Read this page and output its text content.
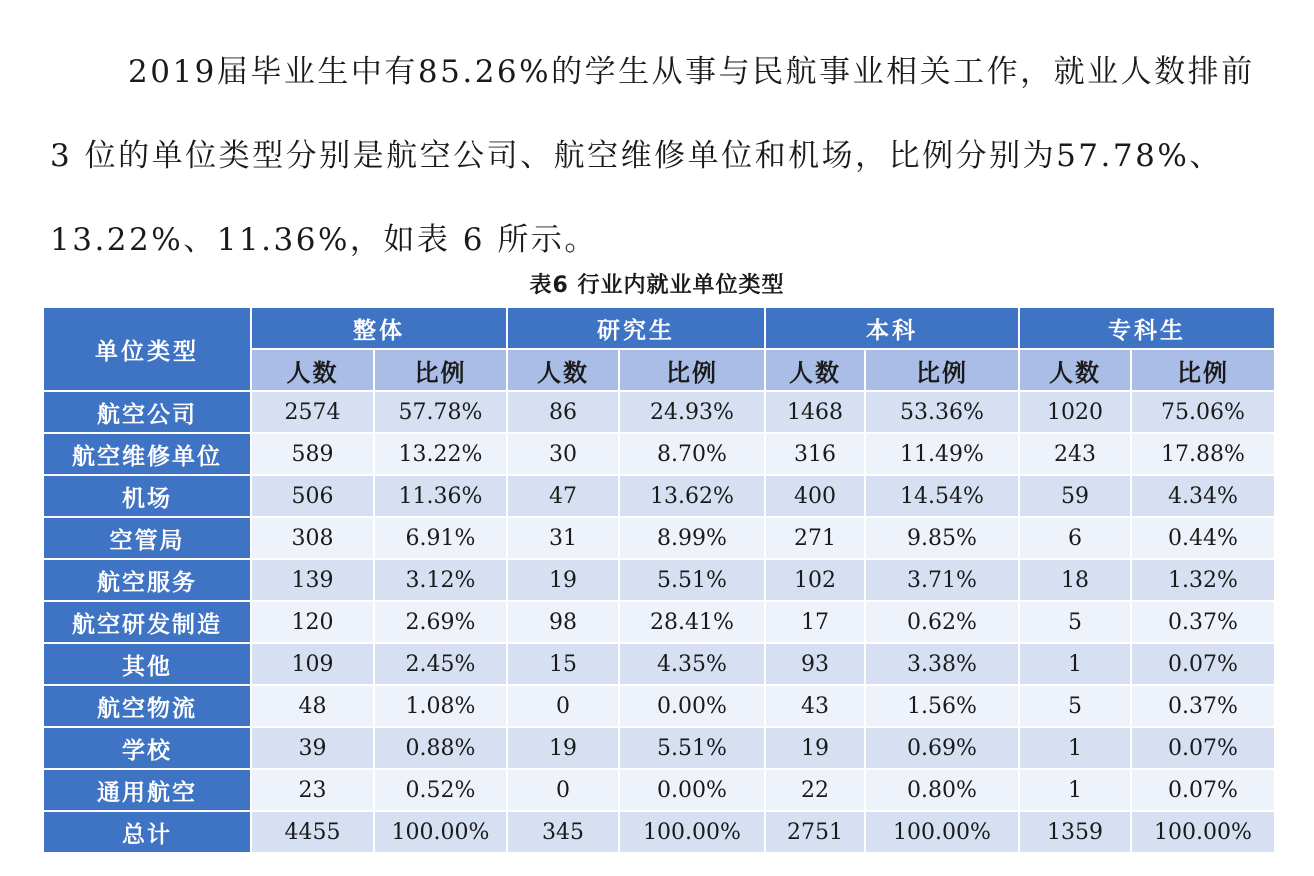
2019届毕业生中有85.26%的学生从事与民航事业相关工作，就业人数排前 3 位的单位类型分别是航空公司、航空维修单位和机场，比例分别为57.78%、13.22%、11.36%，如表 6 所示。

表6 行业内就业单位类型

单位类型	整体		研究生		本科		专科生	
	人数	比例	人数	比例	人数	比例	人数	比例
航空公司	2574	57.78%	86	24.93%	1468	53.36%	1020	75.06%
航空维修单位	589	13.22%	30	8.70%	316	11.49%	243	17.88%
机场	506	11.36%	47	13.62%	400	14.54%	59	4.34%
空管局	308	6.91%	31	8.99%	271	9.85%	6	0.44%
航空服务	139	3.12%	19	5.51%	102	3.71%	18	1.32%
航空研发制造	120	2.69%	98	28.41%	17	0.62%	5	0.37%
其他	109	2.45%	15	4.35%	93	3.38%	1	0.07%
航空物流	48	1.08%	0	0.00%	43	1.56%	5	0.37%
学校	39	0.88%	19	5.51%	19	0.69%	1	0.07%
通用航空	23	0.52%	0	0.00%	22	0.80%	1	0.07%
总计	4455	100.00%	345	100.00%	2751	100.00%	1359	100.00%
